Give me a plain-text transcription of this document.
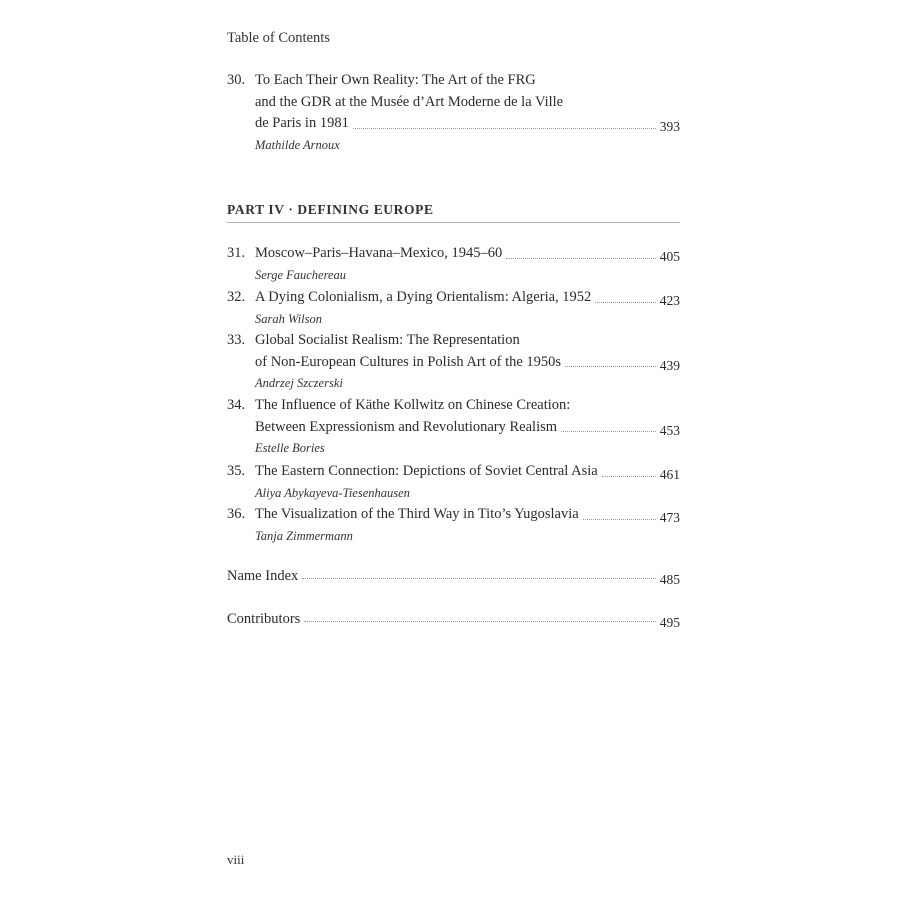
Table of Contents
30. To Each Their Own Reality: The Art of the FRG
and the GDR at the Musée d’Art Moderne de la Ville
de Paris in 1981	393
Mathilde Arnoux
PART IV · DEFINING EUROPE
31. Moscow–Paris–Havana–Mexico, 1945–60	405
Serge Fauchereau
32. A Dying Colonialism, a Dying Orientalism: Algeria, 1952	423
Sarah Wilson
33. Global Socialist Realism: The Representation
of Non-European Cultures in Polish Art of the 1950s	439
Andrzej Szczerski
34. The Influence of Käthe Kollwitz on Chinese Creation:
Between Expressionism and Revolutionary Realism	453
Estelle Bories
35. The Eastern Connection: Depictions of Soviet Central Asia	461
Aliya Abykayeva-Tiesenhausen
36. The Visualization of the Third Way in Tito’s Yugoslavia	473
Tanja Zimmermann
Name Index	485
Contributors	495
viii
